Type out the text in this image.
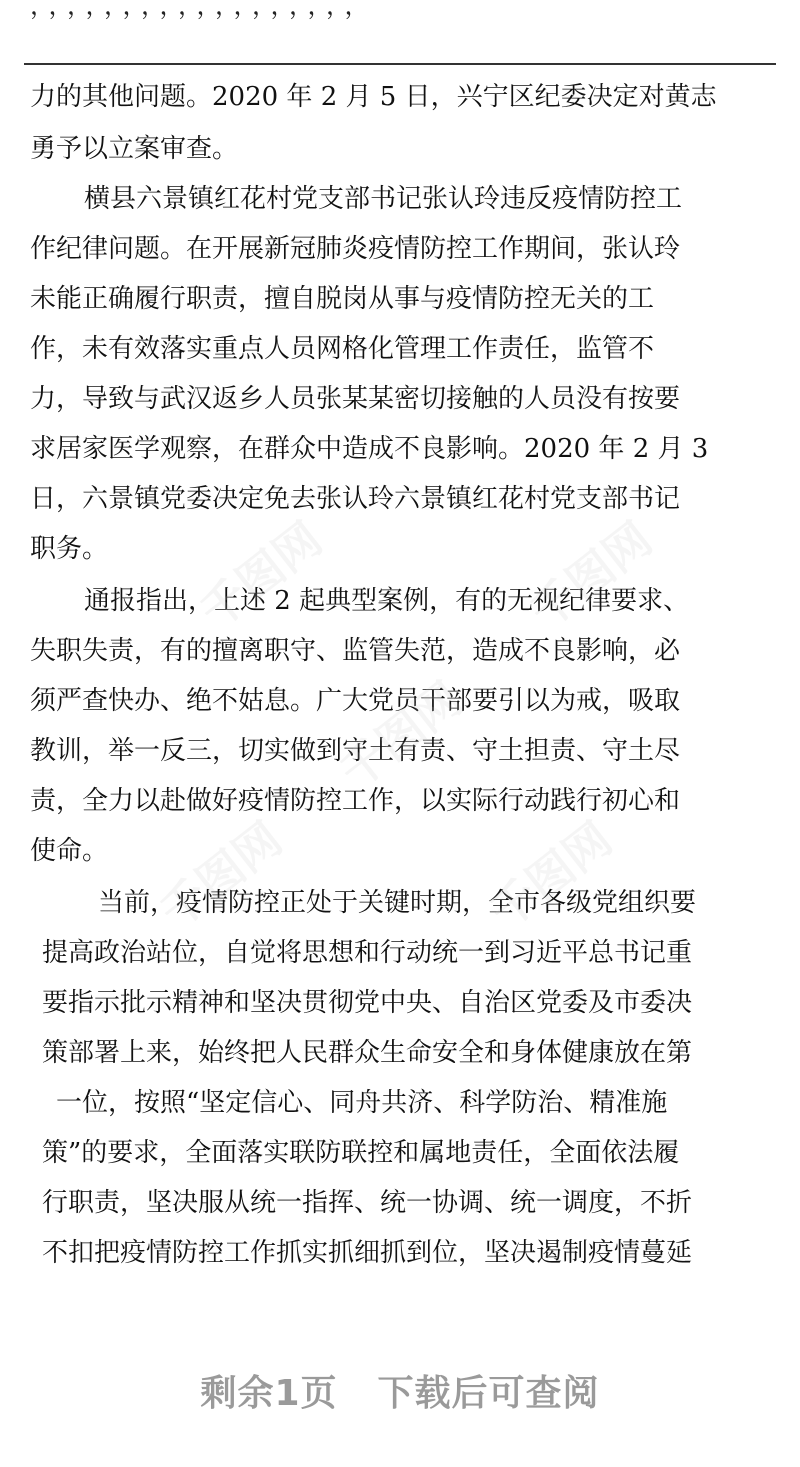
，，，，，，，，，，，，，，，，，，
力的其他问题。2020 年 2 月 5 日，兴宁区纪委决定对黄志
勇予以立案审查。
横县六景镇红花村党支部书记张认玲违反疫情防控工
作纪律问题。在开展新冠肺炎疫情防控工作期间，张认玲
未能正确履行职责，擅自脱岗从事与疫情防控无关的工
作，未有效落实重点人员网格化管理工作责任，监管不
力，导致与武汉返乡人员张某某密切接触的人员没有按要
求居家医学观察，在群众中造成不良影响。2020 年 2 月 3
日，六景镇党委决定免去张认玲六景镇红花村党支部书记
职务。
通报指出，上述 2 起典型案例，有的无视纪律要求、
失职失责，有的擅离职守、监管失范，造成不良影响，必
须严查快办、绝不姑息。广大党员干部要引以为戒，吸取
教训，举一反三，切实做到守土有责、守土担责、守土尽
责，全力以赴做好疫情防控工作，以实际行动践行初心和
使命。
当前，疫情防控正处于关键时期，全市各级党组织要
提高政治站位，自觉将思想和行动统一到习近平总书记重
要指示批示精神和坚决贯彻党中央、自治区党委及市委决
策部署上来，始终把人民群众生命安全和身体健康放在第
一位，按照“坚定信心、同舟共济、科学防治、精准施
策”的要求，全面落实联防联控和属地责任，全面依法履
行职责，坚决服从统一指挥、统一协调、统一调度，不折
不扣把疫情防控工作抓实抓细抓到位，坚决遏制疫情蔓延
千图网	千图网
千图网
千图网	千图网
剩余1页 下载后可查阅
